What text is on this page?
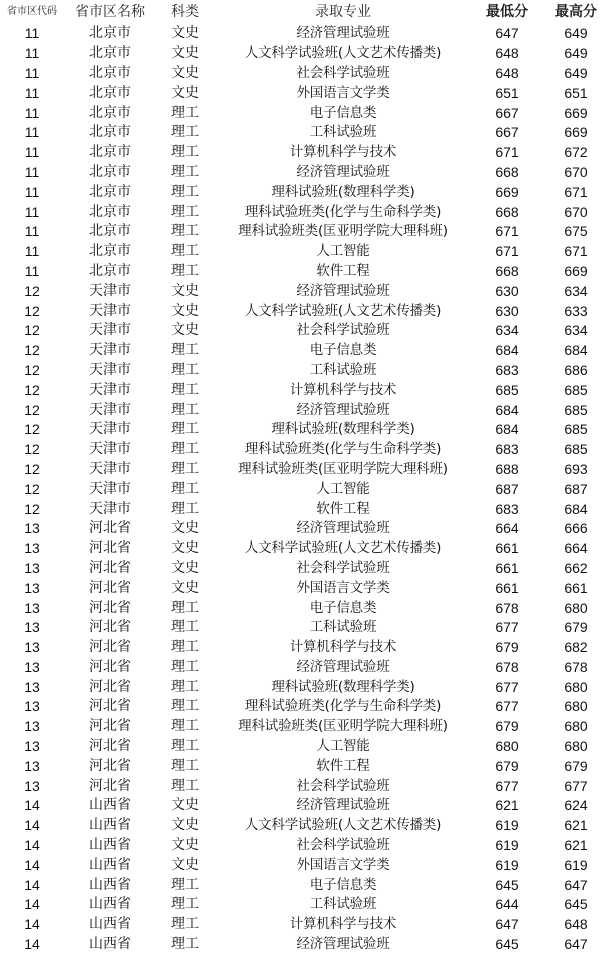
省市区代码	省市区名称	科类	录取专业	最低分	最高分
11	北京市	文史	经济管理试验班	647	649
11	北京市	文史	人文科学试验班(人文艺术传播类)	648	649
11	北京市	文史	社会科学试验班	648	649
11	北京市	文史	外国语言文学类	651	651
11	北京市	理工	电子信息类	667	669
11	北京市	理工	工科试验班	667	669
11	北京市	理工	计算机科学与技术	671	672
11	北京市	理工	经济管理试验班	668	670
11	北京市	理工	理科试验班(数理科学类)	669	671
11	北京市	理工	理科试验班类(化学与生命科学类)	668	670
11	北京市	理工	理科试验班类(匡亚明学院大理科班)	671	675
11	北京市	理工	人工智能	671	671
11	北京市	理工	软件工程	668	669
12	天津市	文史	经济管理试验班	630	634
12	天津市	文史	人文科学试验班(人文艺术传播类)	630	633
12	天津市	文史	社会科学试验班	634	634
12	天津市	理工	电子信息类	684	684
12	天津市	理工	工科试验班	683	686
12	天津市	理工	计算机科学与技术	685	685
12	天津市	理工	经济管理试验班	684	685
12	天津市	理工	理科试验班(数理科学类)	684	685
12	天津市	理工	理科试验班类(化学与生命科学类)	683	685
12	天津市	理工	理科试验班类(匡亚明学院大理科班)	688	693
12	天津市	理工	人工智能	687	687
12	天津市	理工	软件工程	683	684
13	河北省	文史	经济管理试验班	664	666
13	河北省	文史	人文科学试验班(人文艺术传播类)	661	664
13	河北省	文史	社会科学试验班	661	662
13	河北省	文史	外国语言文学类	661	661
13	河北省	理工	电子信息类	678	680
13	河北省	理工	工科试验班	677	679
13	河北省	理工	计算机科学与技术	679	682
13	河北省	理工	经济管理试验班	678	678
13	河北省	理工	理科试验班(数理科学类)	677	680
13	河北省	理工	理科试验班类(化学与生命科学类)	677	680
13	河北省	理工	理科试验班类(匡亚明学院大理科班)	679	680
13	河北省	理工	人工智能	680	680
13	河北省	理工	软件工程	679	679
13	河北省	理工	社会科学试验班	677	677
14	山西省	文史	经济管理试验班	621	624
14	山西省	文史	人文科学试验班(人文艺术传播类)	619	621
14	山西省	文史	社会科学试验班	619	621
14	山西省	文史	外国语言文学类	619	619
14	山西省	理工	电子信息类	645	647
14	山西省	理工	工科试验班	644	645
14	山西省	理工	计算机科学与技术	647	648
14	山西省	理工	经济管理试验班	645	647
